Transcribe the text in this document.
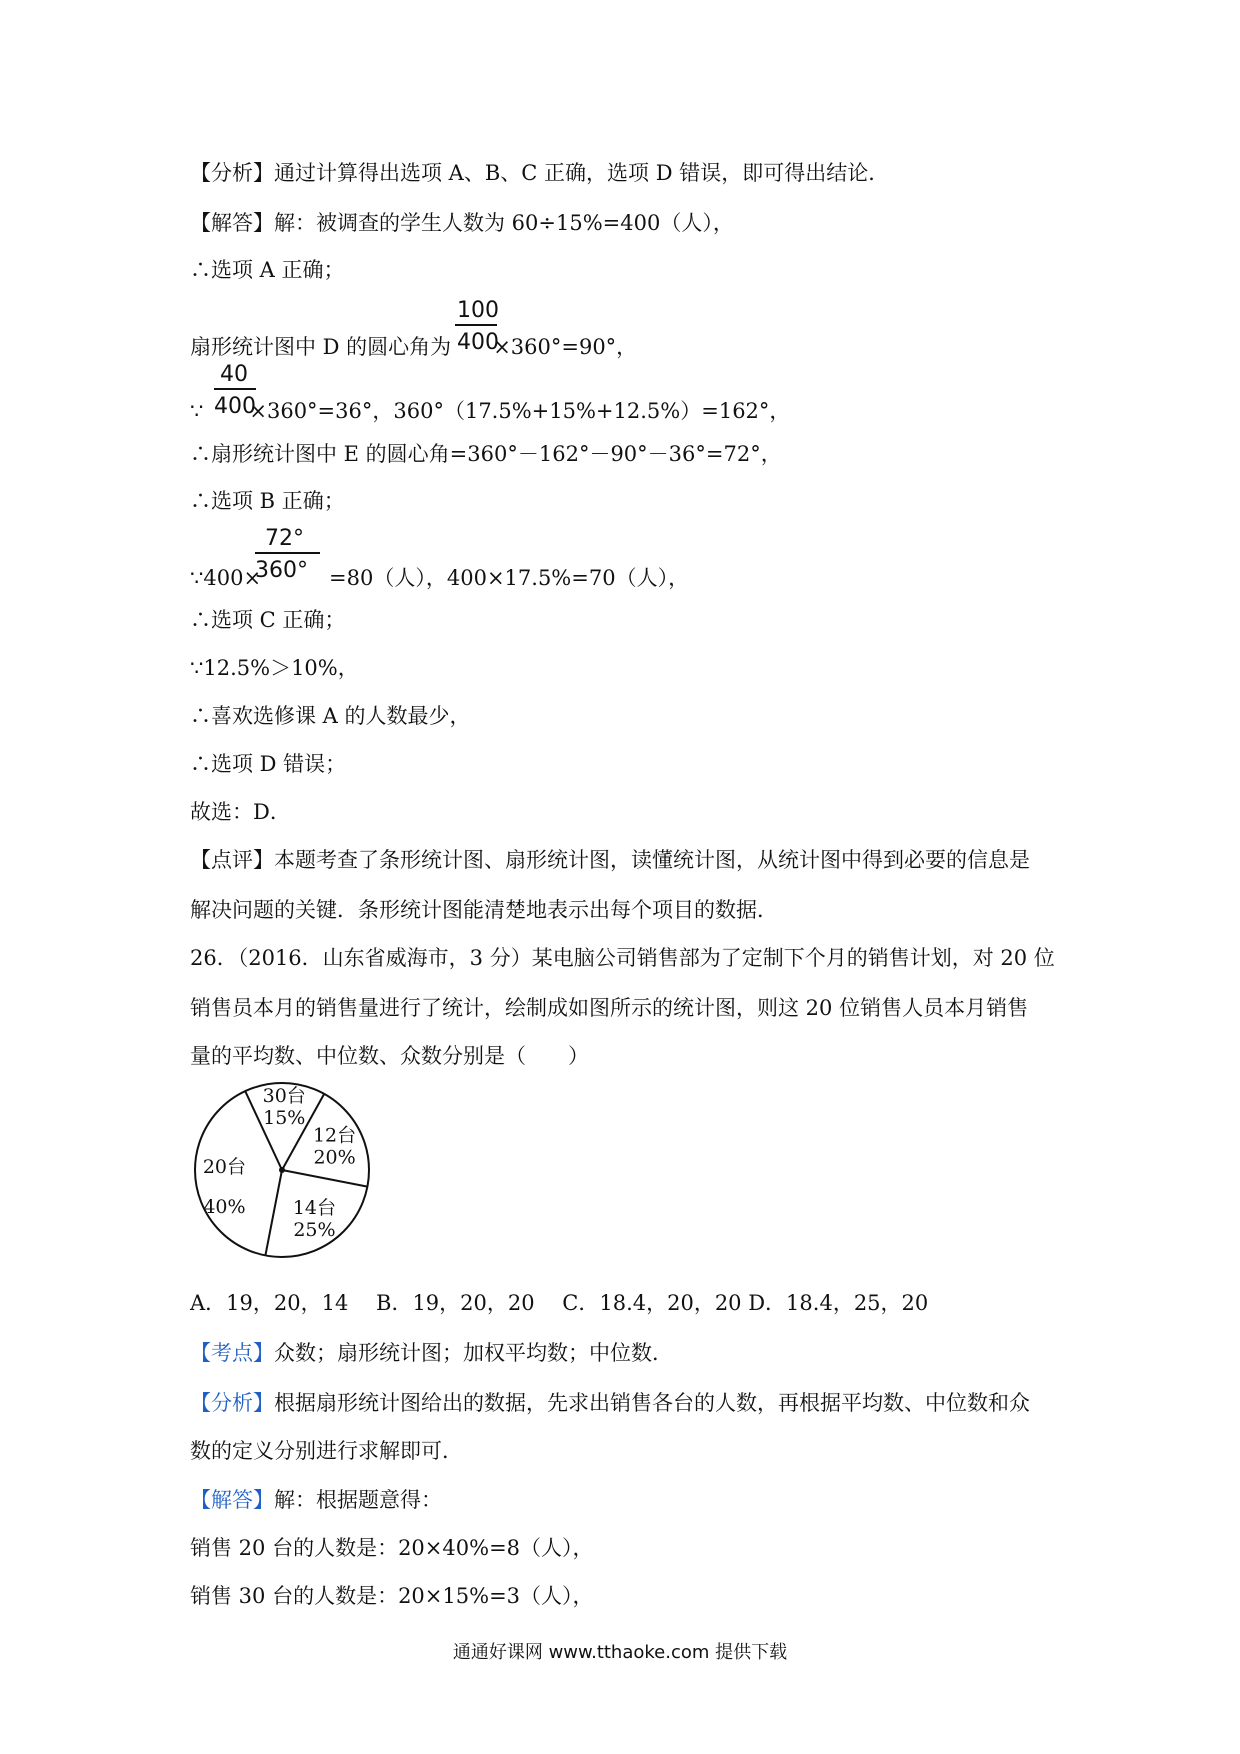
【分析】通过计算得出选项 A、B、C 正确，选项 D 错误，即可得出结论．
【解答】解：被调查的学生人数为 60÷15%=400（人），
∴选项 A 正确；
100
400
扇形统计图中 D 的圆心角为 ×360°=90°，
40
400
∵ ×360°=36°，360°（17.5%+15%+12.5%）=162°，
∴扇形统计图中 E 的圆心角=360°－162°－90°－36°=72°，
∴选项 B 正确；
72°
360°
∵400×	=80（人），400×17.5%=70（人），
∴选项 C 正确；
∵12.5%＞10%，
∴喜欢选修课 A 的人数最少，
∴选项 D 错误；
故选：D．
【点评】本题考查了条形统计图、扇形统计图，读懂统计图，从统计图中得到必要的信息是
解决问题的关键．条形统计图能清楚地表示出每个项目的数据．
26．（2016．山东省威海市，3 分）某电脑公司销售部为了定制下个月的销售计划，对 20 位
销售员本月的销售量进行了统计，绘制成如图所示的统计图，则这 20 位销售人员本月销售
量的平均数、中位数、众数分别是（　　）
30台
15%
12台
20%
14台
25%
20台
40%
A．19，20，14　 B．19，20，20　 C．18.4，20，20 D．18.4，25，20
【考点】众数；扇形统计图；加权平均数；中位数．
【分析】根据扇形统计图给出的数据，先求出销售各台的人数，再根据平均数、中位数和众
数的定义分别进行求解即可．
【解答】解：根据题意得：
销售 20 台的人数是：20×40%=8（人），
销售 30 台的人数是：20×15%=3（人），
通通好课网 www.tthaoke.com 提供下载
